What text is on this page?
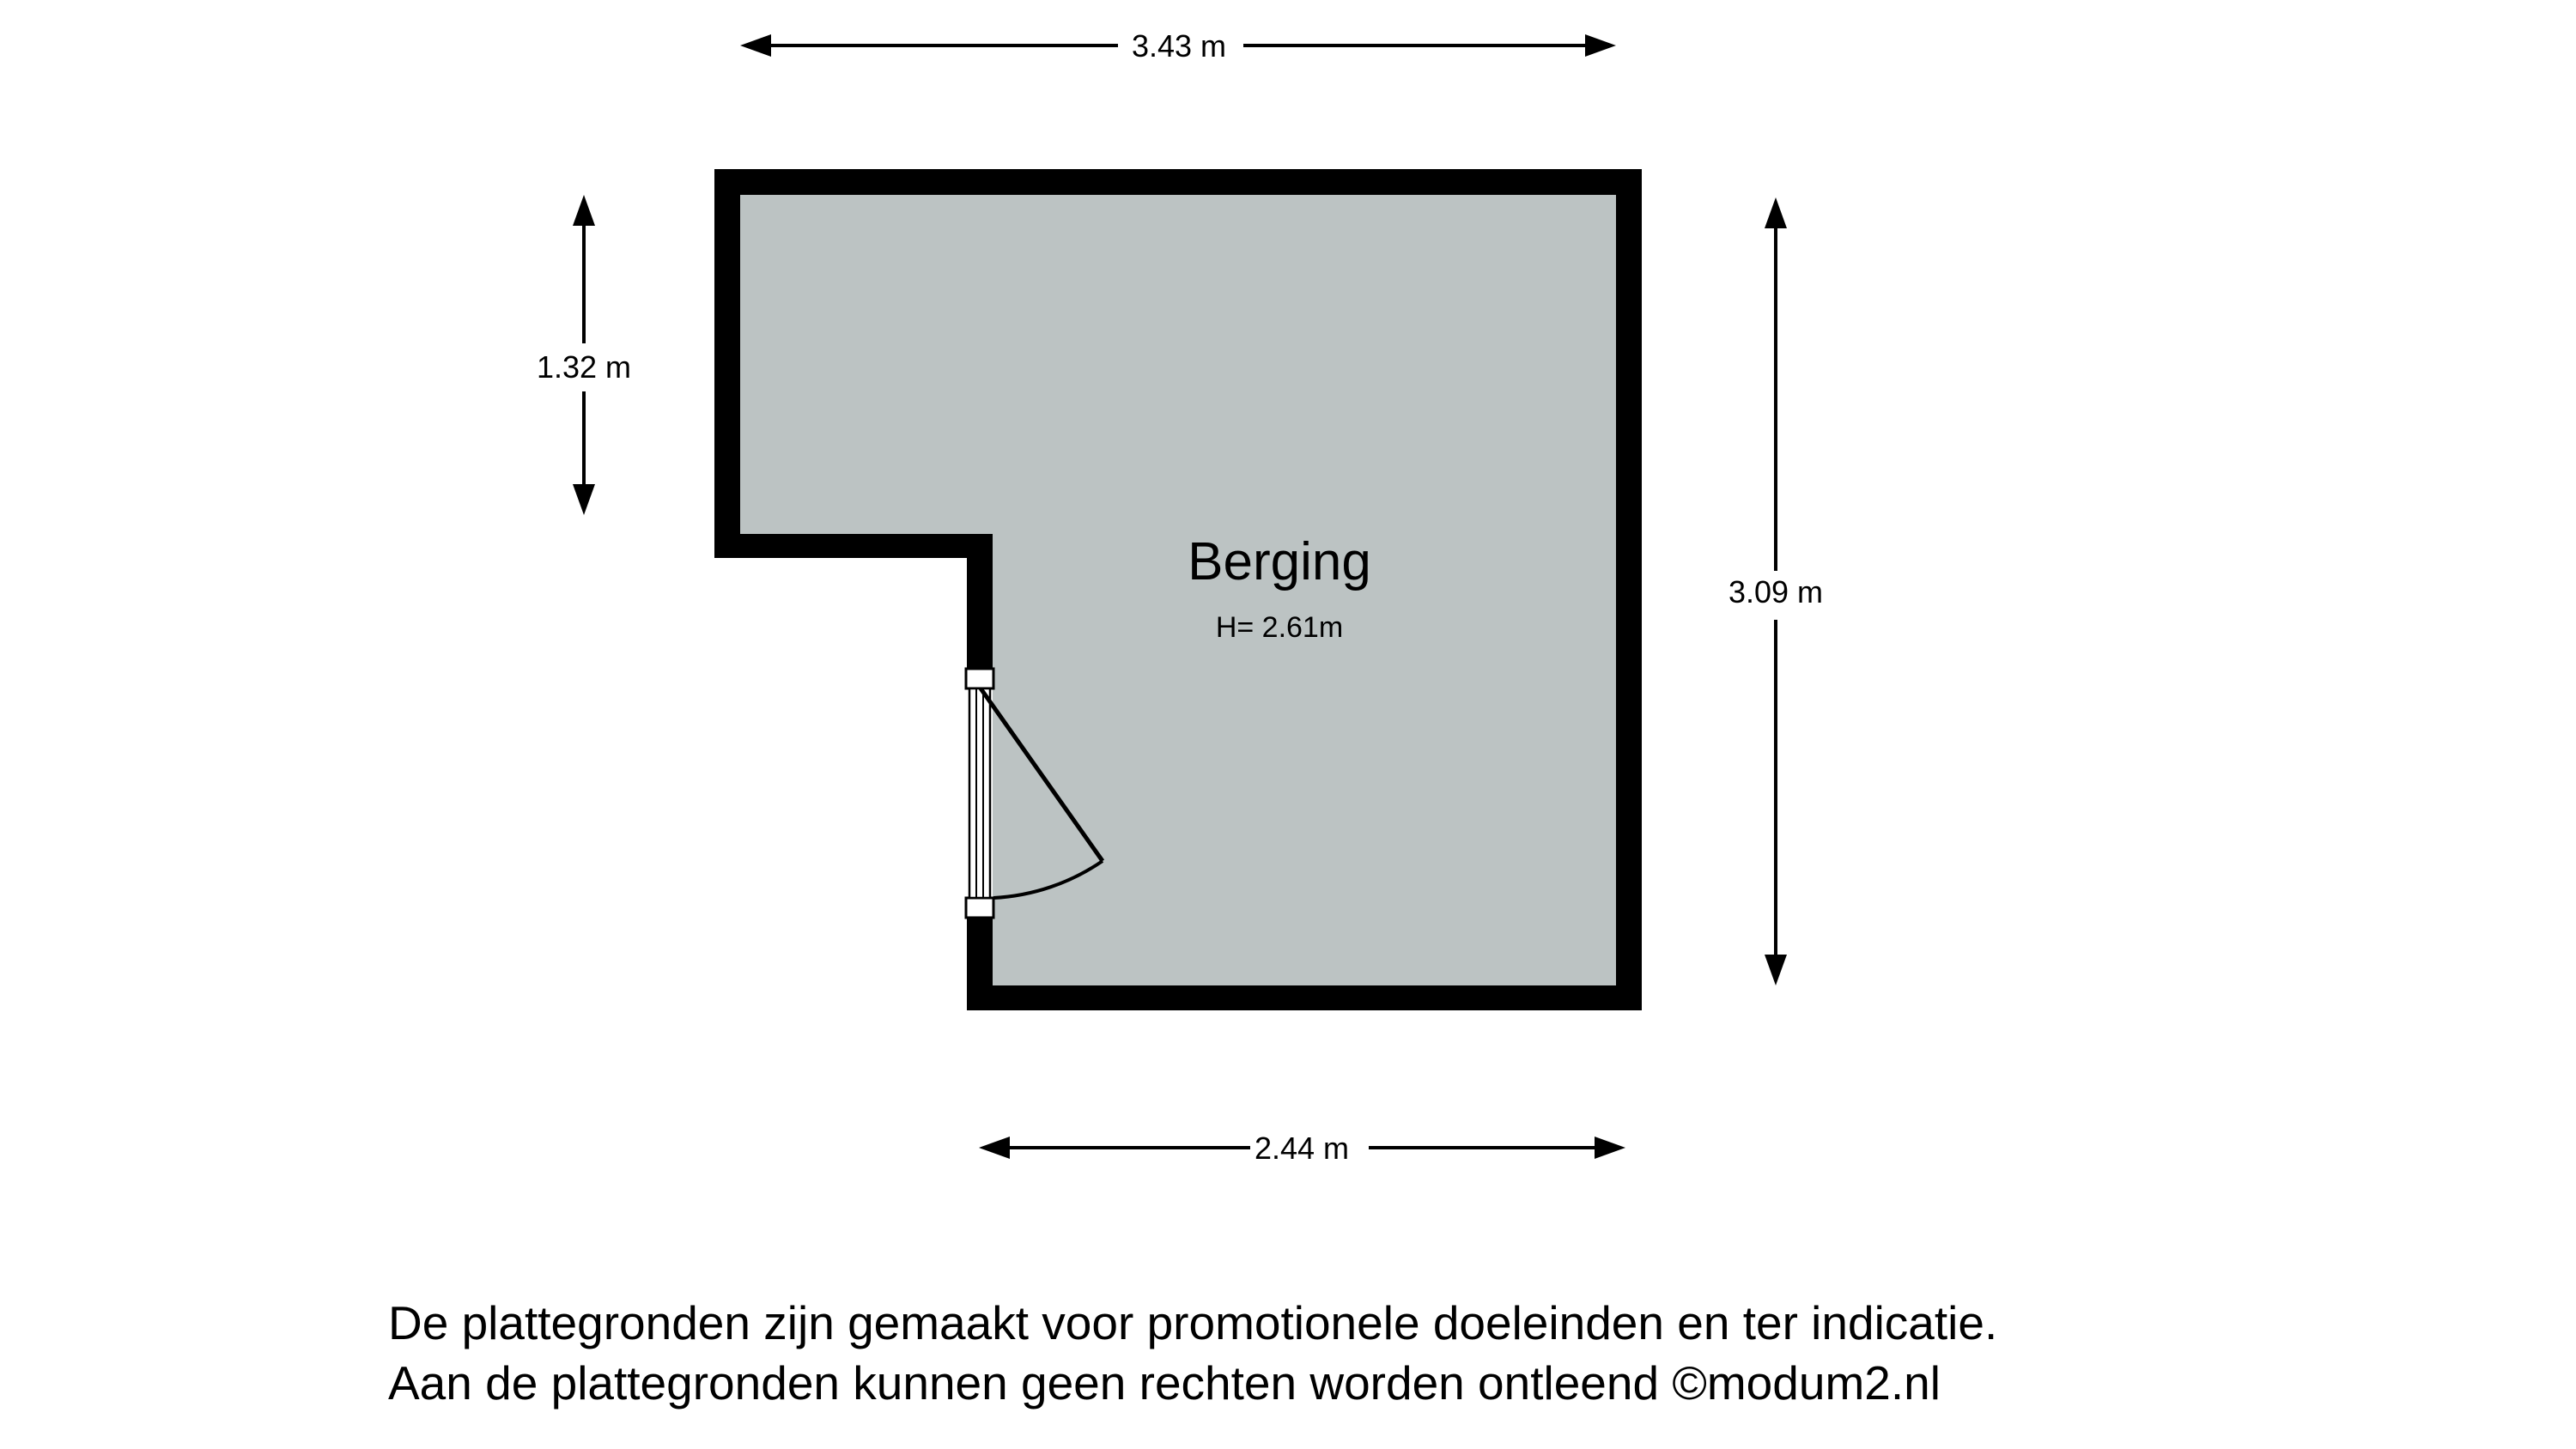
3.43 m
1.32 m
3.09 m
2.44 m
Berging
H= 2.61m
De plattegronden zijn gemaakt voor promotionele doeleinden en ter indicatie.
Aan de plattegronden kunnen geen rechten worden ontleend ©modum2.nl
